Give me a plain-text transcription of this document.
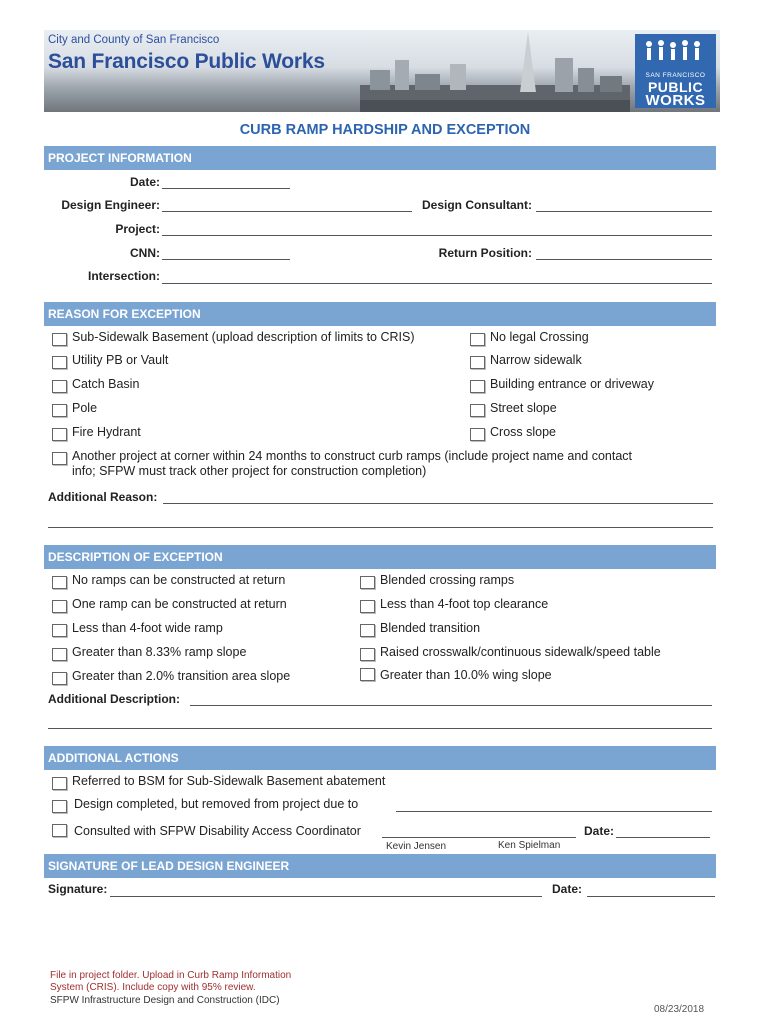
City and County of San Francisco
San Francisco Public Works
SAN FRANCISCO
PUBLIC
WORKS
CURB RAMP HARDSHIP AND EXCEPTION
PROJECT INFORMATION
Date:
Design Engineer:	Design Consultant:
Project:
CNN:	Return Position:
Intersection:
REASON FOR EXCEPTION
Sub-Sidewalk Basement (upload description of limits to CRIS)	No legal Crossing
Utility PB or Vault	Narrow sidewalk
Catch Basin	Building entrance or driveway
Pole	Street slope
Fire Hydrant	Cross slope
Another project at corner within 24 months to construct curb ramps (include project name and contact
info; SFPW must track other project for construction completion)
Additional Reason:
DESCRIPTION OF EXCEPTION
No ramps can be constructed at return	Blended crossing ramps
One ramp can be constructed at return	Less than 4-foot top clearance
Less than 4-foot wide ramp	Blended transition
Greater than 8.33% ramp slope	Raised crosswalk/continuous sidewalk/speed table
Greater than 2.0% transition area slope	Greater than 10.0% wing slope
Additional Description:
ADDITIONAL ACTIONS
Referred to BSM for Sub-Sidewalk Basement abatement
Design completed, but removed from project due to
Consulted with SFPW Disability Access Coordinator	Date:
Kevin Jensen	Ken Spielman
SIGNATURE OF LEAD DESIGN ENGINEER
Signature:	Date:
File in project folder. Upload in Curb Ramp Information
System (CRIS). Include copy with 95% review.
SFPW Infrastructure Design and Construction (IDC)
08/23/2018
